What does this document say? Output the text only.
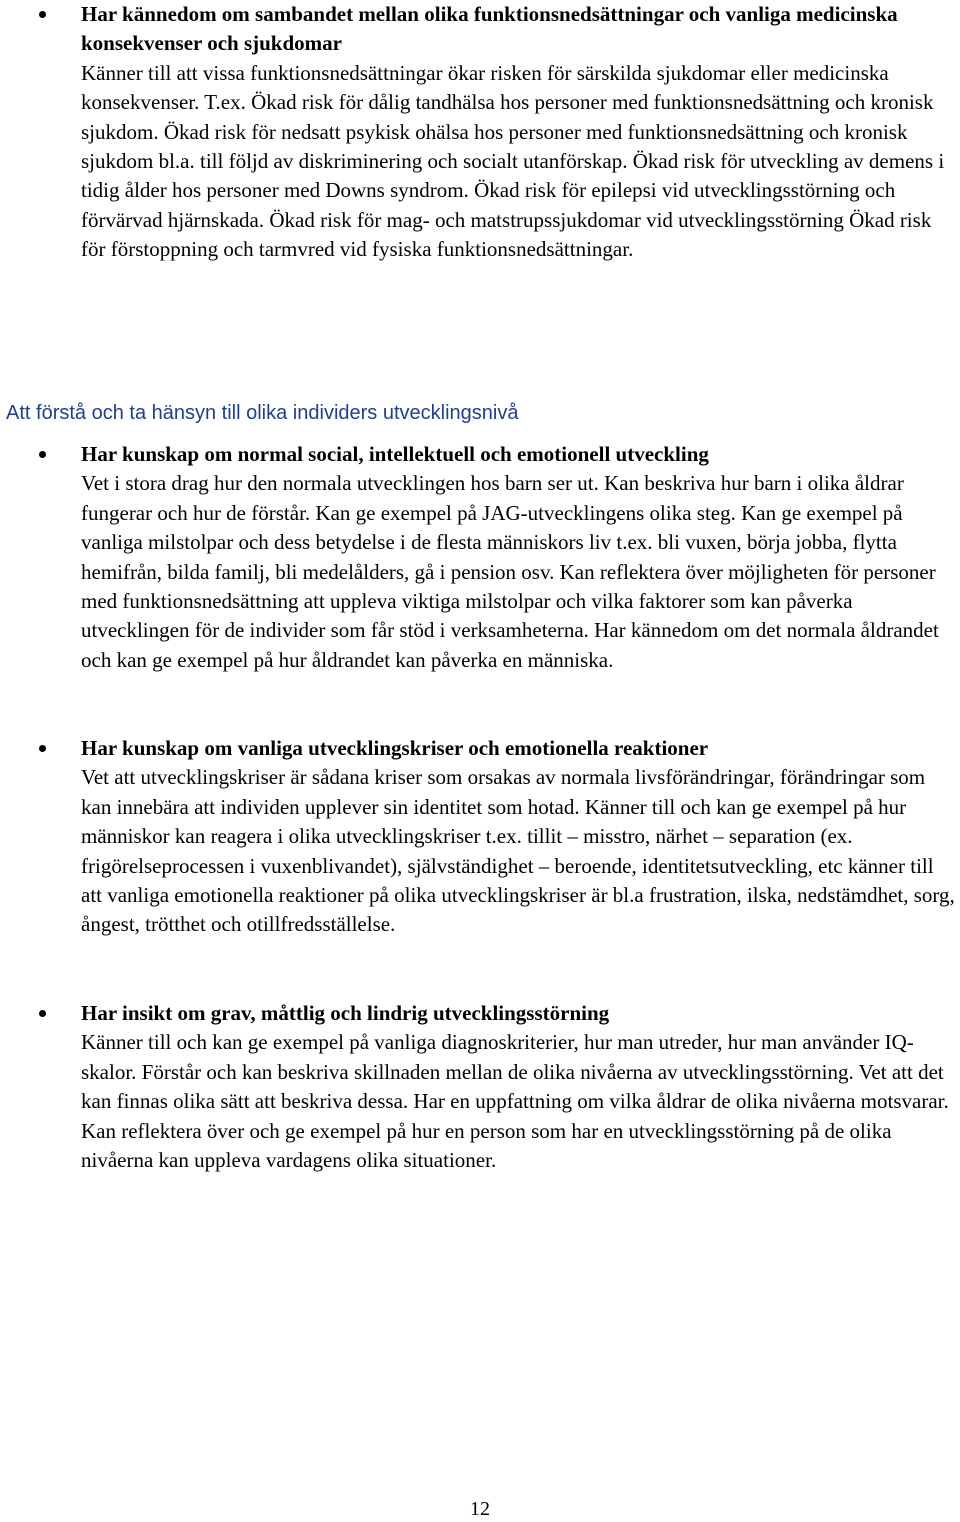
Har kännedom om sambandet mellan olika funktionsnedsättningar och vanliga medicinska konsekvenser och sjukdomar

Känner till att vissa funktionsnedsättningar ökar risken för särskilda sjukdomar eller medicinska konsekvenser. T.ex. Ökad risk för dålig tandhälsa hos personer med funktionsnedsättning och kronisk sjukdom. Ökad risk för nedsatt psykisk ohälsa hos personer med funktionsnedsättning och kronisk sjukdom bl.a. till följd av diskriminering och socialt utanförskap. Ökad risk för utveckling av demens i tidig ålder hos personer med Downs syndrom. Ökad risk för epilepsi vid utvecklingsstörning och förvärvad hjärnskada. Ökad risk för mag- och matstrupssjukdomar vid utvecklingsstörning Ökad risk för förstoppning och tarmvred vid fysiska funktionsnedsättningar.

Att förstå och ta hänsyn till olika individers utvecklingsnivå

Har kunskap om normal social, intellektuell och emotionell utveckling

Vet i stora drag hur den normala utvecklingen hos barn ser ut. Kan beskriva hur barn i olika åldrar fungerar och hur de förstår. Kan ge exempel på JAG-utvecklingens olika steg. Kan ge exempel på vanliga milstolpar och dess betydelse i de flesta människors liv t.ex. bli vuxen, börja jobba, flytta hemifrån, bilda familj, bli medelålders, gå i pension osv. Kan reflektera över möjligheten för personer med funktionsnedsättning att uppleva viktiga milstolpar och vilka faktorer som kan påverka utvecklingen för de individer som får stöd i verksamheterna. Har kännedom om det normala åldrandet och kan ge exempel på hur åldrandet kan påverka en människa.

Har kunskap om vanliga utvecklingskriser och emotionella reaktioner

Vet att utvecklingskriser är sådana kriser som orsakas av normala livsförändringar, förändringar som kan innebära att individen upplever sin identitet som hotad. Känner till och kan ge exempel på hur människor kan reagera i olika utvecklingskriser t.ex. tillit – misstro, närhet – separation (ex. frigörelseprocessen i vuxenblivandet), självständighet – beroende, identitetsutveckling, etc känner till att vanliga emotionella reaktioner på olika utvecklingskriser är bl.a frustration, ilska, nedstämdhet, sorg, ångest, trötthet och otillfredsställelse.

Har insikt om grav, måttlig och lindrig utvecklingsstörning

Känner till och kan ge exempel på vanliga diagnoskriterier, hur man utreder, hur man använder IQ-skalor. Förstår och kan beskriva skillnaden mellan de olika nivåerna av utvecklingsstörning. Vet att det kan finnas olika sätt att beskriva dessa. Har en uppfattning om vilka åldrar de olika nivåerna motsvarar. Kan reflektera över och ge exempel på hur en person som har en utvecklingsstörning på de olika nivåerna kan uppleva vardagens olika situationer.

12
